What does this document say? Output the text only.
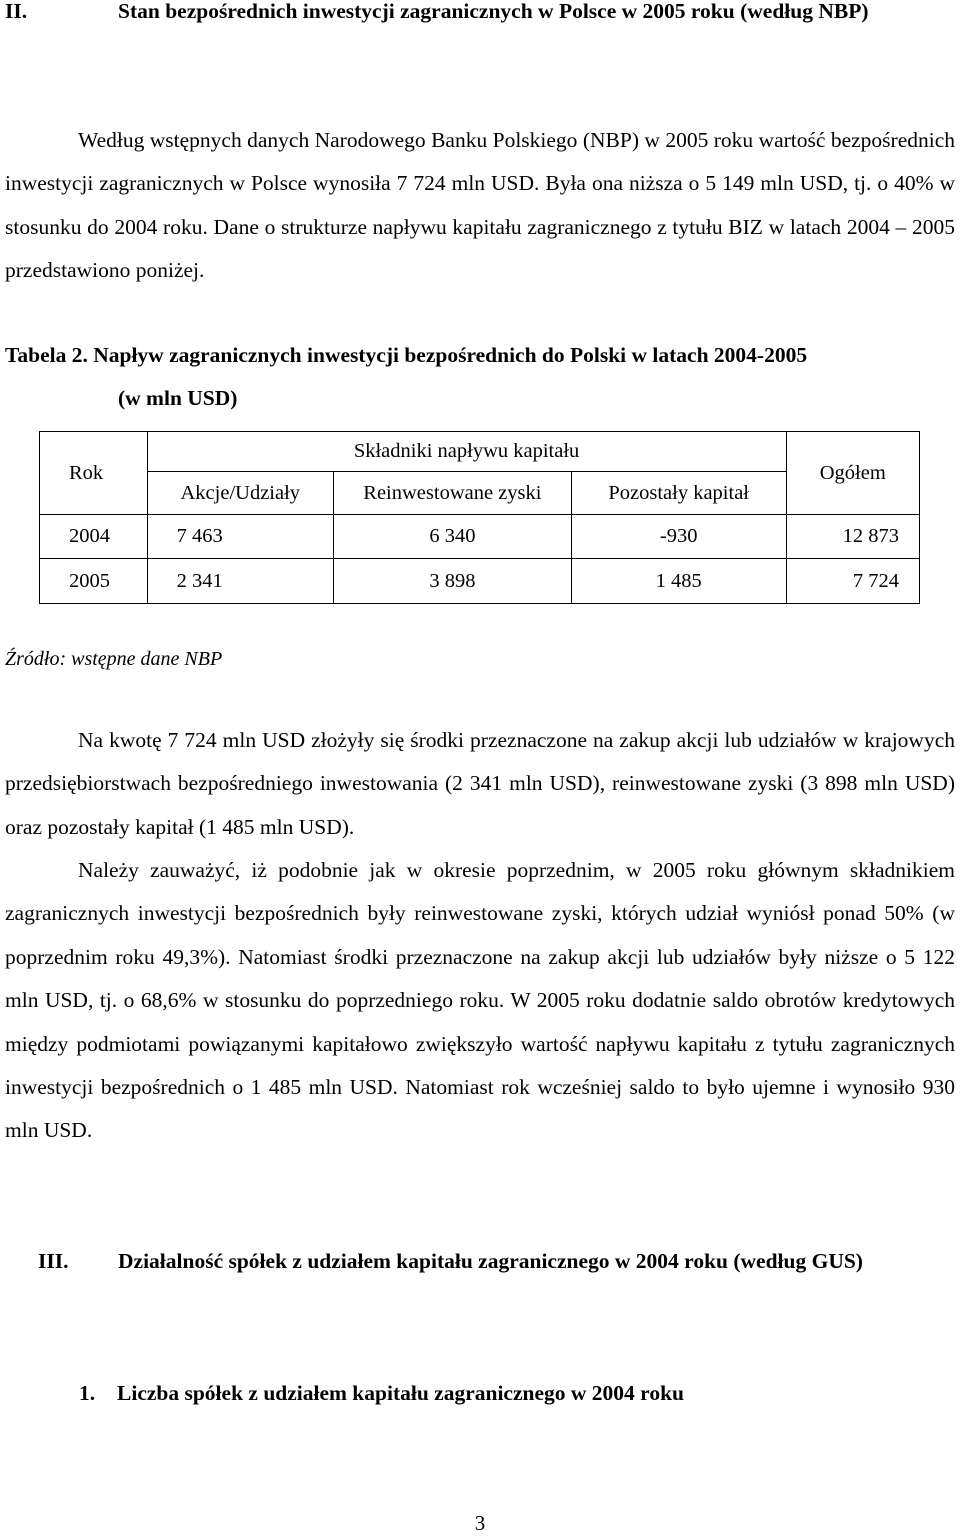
II.	Stan bezpośrednich inwestycji zagranicznych w Polsce w 2005 roku (według NBP)
Według wstępnych danych Narodowego Banku Polskiego (NBP) w 2005 roku wartość bezpośrednich inwestycji zagranicznych w Polsce wynosiła 7 724 mln USD. Była ona niższa o 5 149 mln USD, tj. o 40% w stosunku do 2004 roku. Dane o strukturze napływu kapitału zagranicznego z tytułu BIZ w latach 2004 – 2005 przedstawiono poniżej.
Tabela 2. Napływ zagranicznych inwestycji bezpośrednich do Polski w latach 2004-2005
(w mln USD)
Rok	Składniki napływu kapitału			Ogółem
	Akcje/Udziały	Reinwestowane zyski	Pozostały kapitał	
2004	7 463	6 340	-930	12 873
2005	2 341	3 898	1 485	7 724
Źródło: wstępne dane NBP
Na kwotę 7 724 mln USD złożyły się środki przeznaczone na zakup akcji lub udziałów w krajowych przedsiębiorstwach bezpośredniego inwestowania (2 341 mln USD), reinwestowane zyski (3 898 mln USD) oraz pozostały kapitał (1 485 mln USD).
Należy zauważyć, iż podobnie jak w okresie poprzednim, w 2005 roku głównym składnikiem zagranicznych inwestycji bezpośrednich były reinwestowane zyski, których udział wyniósł ponad 50% (w poprzednim roku 49,3%). Natomiast środki przeznaczone na zakup akcji lub udziałów były niższe o 5 122 mln USD, tj. o 68,6% w stosunku do poprzedniego roku. W 2005 roku dodatnie saldo obrotów kredytowych między podmiotami powiązanymi kapitałowo zwiększyło wartość napływu kapitału z tytułu zagranicznych inwestycji bezpośrednich o 1 485 mln USD. Natomiast rok wcześniej saldo to było ujemne i wynosiło 930 mln USD.
III.	Działalność spółek z udziałem kapitału zagranicznego w 2004 roku (według GUS)
1. Liczba spółek z udziałem kapitału zagranicznego w 2004 roku
3
